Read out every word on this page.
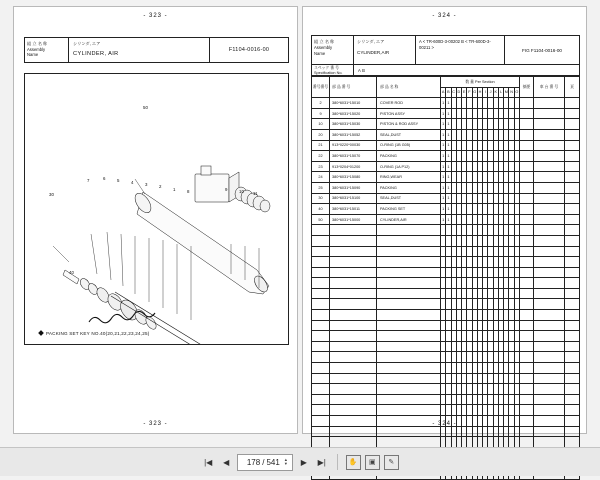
- 323 -
組 立 名 称
Assembly
Name
シリンダ, エア
CYLINDER, AIR
F1104-0016-00
50
30
7	6	5	4	3	2
1	8	9	10 11
40
PACKING SET KEY NO.40(20,21,22,23,24,25)
- 323 -
- 324 -
組 立 名 称
Assembly
Name
シリンダ, エア
CYLINDER,AIR
A < TR-600D-3-00202 B < TR-600D-3-00211 >	FIG F1104-0016-00
スペック 番 号
Specification No.
A B
番号番号	部 品 番 号	部 品 名 称	数 量 Per Section															摘要	車 台 番 号	頁
			A	B	C	D	E	F	G	H	I	J	K	L	M	N	O			
2	380*6031*15010	COVER ROD	1	1																
9	380*6031*15020	PISTON ASSY	1	1																
10	380*6031*15030	PISTON & ROD ASSY	1	1																
20	380*6031*15052	SEAL,DUST	1	1																
21	913*0220*00030	O-RING (1B G05)	1	1																
22	380*6031*15070	PACKING	1	1																
23	913*0204*01200	O-RING (1A P12)	1	1																
24	380*6031*15080	RING,WEAR	1	1																
25	380*6031*15090	PACKING	1	1																
30	380*6031*15100	SEAL,DUST	1	1																
40	380*6031*15011	PACKING SET	1	1																
50	380*6031*15000	CYLINDER,AIR	1	1																

- 324 -
|◀	◀	178 / 541 ▲
▼	▶	▶|	✋	▣	✎
